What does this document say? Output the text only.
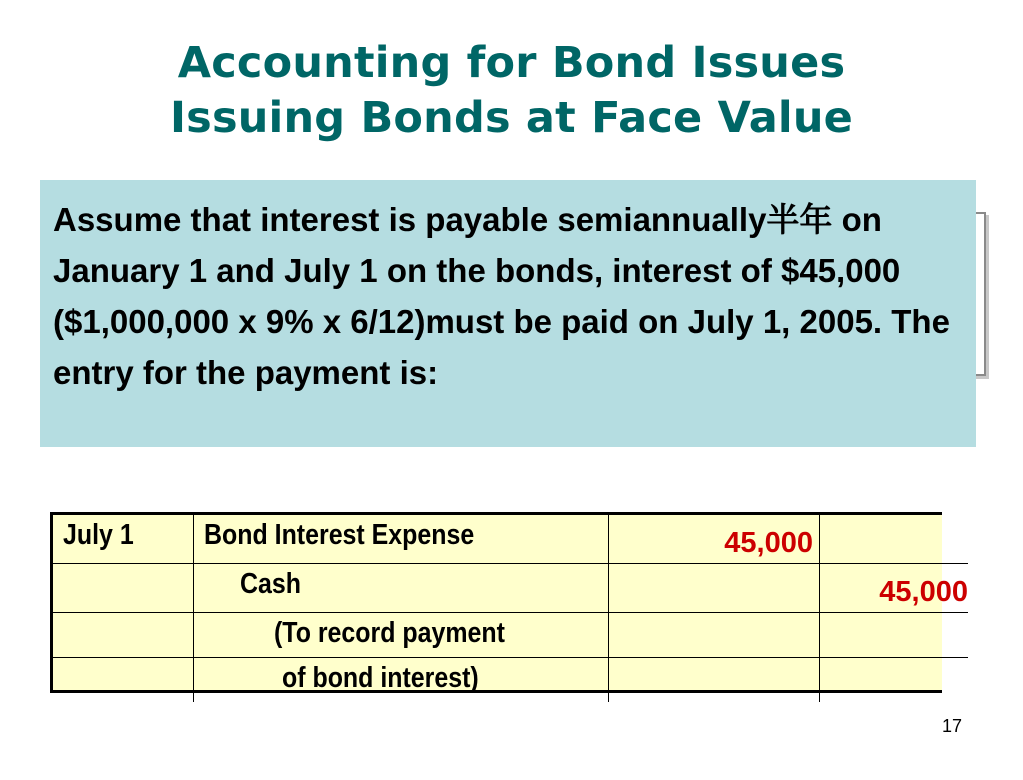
Accounting for Bond Issues
Issuing Bonds at Face Value

Assume that interest is payable semiannually半年 on January 1 and July 1 on the bonds, interest of $45,000 ($1,000,000 x 9% x 6/12)must be paid on July 1, 2005. The entry for the payment is:

July 1	Bond Interest Expense	45,000	

	Cash		45,000

	(To record payment	

	of bond interest)	

17
